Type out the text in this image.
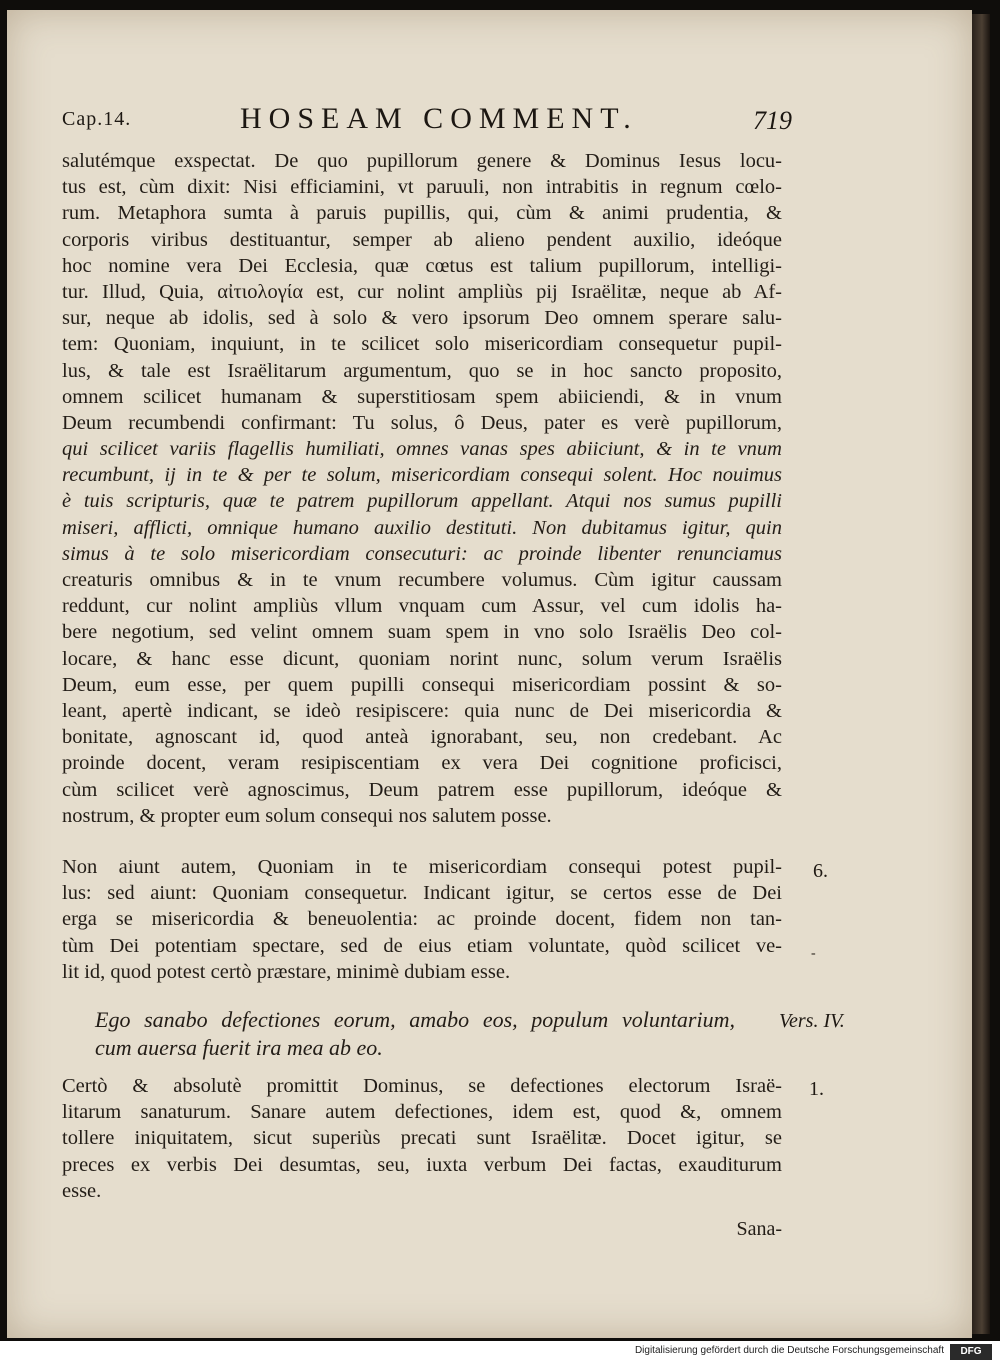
Cap.14.	HOSEAM COMMENT.	719
salutémque exspectat. De quo pupillorum genere & Dominus Iesus locu-
tus est, cùm dixit: Nisi efficiamini, vt paruuli, non intrabitis in regnum cœlo-
rum. Metaphora sumta à paruis pupillis, qui, cùm & animi prudentia, &
corporis viribus destituantur, semper ab alieno pendent auxilio, ideóque
hoc nomine vera Dei Ecclesia, quæ cœtus est talium pupillorum, intelligi-
tur. Illud, Quia, αἰτιολογία est, cur nolint ampliùs pij Israëlitæ, neque ab Af-
sur, neque ab idolis, sed à solo & vero ipsorum Deo omnem sperare salu-
tem: Quoniam, inquiunt, in te scilicet solo misericordiam consequetur pupil-
lus, & tale est Israëlitarum argumentum, quo se in hoc sancto proposito,
omnem scilicet humanam & superstitiosam spem abiiciendi, & in vnum
Deum recumbendi confirmant: Tu solus, ô Deus, pater es verè pupillorum,
qui scilicet variis flagellis humiliati, omnes vanas spes abiiciunt, & in te vnum
recumbunt, ij in te & per te solum, misericordiam consequi solent. Hoc nouimus
è tuis scripturis, quæ te patrem pupillorum appellant. Atqui nos sumus pupilli
miseri, afflicti, omnique humano auxilio destituti. Non dubitamus igitur, quin
simus à te solo misericordiam consecuturi: ac proinde libenter renunciamus
creaturis omnibus & in te vnum recumbere volumus. Cùm igitur caussam
reddunt, cur nolint ampliùs vllum vnquam cum Assur, vel cum idolis ha-
bere negotium, sed velint omnem suam spem in vno solo Israëlis Deo col-
locare, & hanc esse dicunt, quoniam norint nunc, solum verum Israëlis
Deum, eum esse, per quem pupilli consequi misericordiam possint & so-
leant, apertè indicant, se ideò resipiscere: quia nunc de Dei misericordia &
bonitate, agnoscant id, quod anteà ignorabant, seu, non credebant. Ac
proinde docent, veram resipiscentiam ex vera Dei cognitione proficisci,
cùm scilicet verè agnoscimus, Deum patrem esse pupillorum, ideóque &
nostrum, & propter eum solum consequi nos salutem posse.
Non aiunt autem, Quoniam in te misericordiam consequi potest pupil-
lus: sed aiunt: Quoniam consequetur. Indicant igitur, se certos esse de Dei
erga se misericordia & beneuolentia: ac proinde docent, fidem non tan-
tùm Dei potentiam spectare, sed de eius etiam voluntate, quòd scilicet ve-
lit id, quod potest certò præstare, minimè dubiam esse.
Ego sanabo defectiones eorum, amabo eos, populum voluntarium,
cum auersa fuerit ira mea ab eo.
Certò & absolutè promittit Dominus, se defectiones electorum Israë-
litarum sanaturum. Sanare autem defectiones, idem est, quod &, omnem
tollere iniquitatem, sicut superiùs precati sunt Israëlitæ. Docet igitur, se
preces ex verbis Dei desumtas, seu, iuxta verbum Dei factas, exauditurum
esse.
6.
-
Vers. IV.
1.
Sana-
Digitalisierung gefördert durch die Deutsche Forschungsgemeinschaft	DFG
